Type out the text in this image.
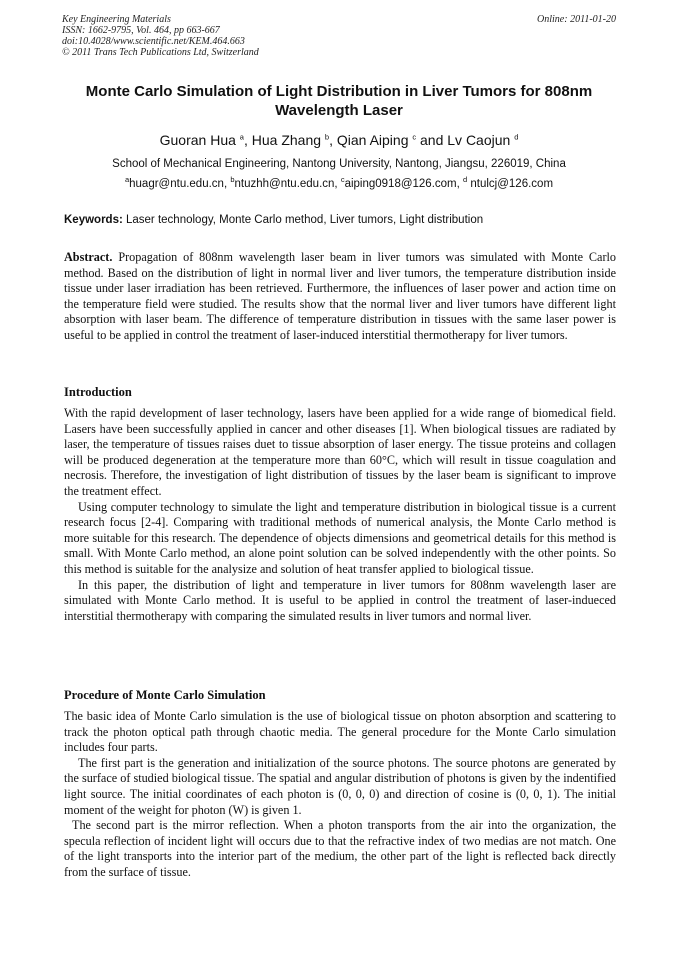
Key Engineering Materials
ISSN: 1662-9795, Vol. 464, pp 663-667
doi:10.4028/www.scientific.net/KEM.464.663
© 2011 Trans Tech Publications Ltd, Switzerland
Online: 2011-01-20
Monte Carlo Simulation of Light Distribution in Liver Tumors for 808nm Wavelength Laser
Guoran Hua $^a$, Hua Zhang $^b$, Qian Aiping $^c$ and Lv Caojun $^d$
School of Mechanical Engineering, Nantong University, Nantong, Jiangsu, 226019, China
$^a$huagr@ntu.edu.cn, $^b$ntuzhh@ntu.edu.cn, $^c$aiping0918@126.com, $^d$ ntulcj@126.com
Keywords: Laser technology, Monte Carlo method, Liver tumors, Light distribution

Abstract. Propagation of 808nm wavelength laser beam in liver tumors was simulated with Monte Carlo method. Based on the distribution of light in normal liver and liver tumors, the temperature distribution inside tissue under laser irradiation has been retrieved. Furthermore, the influences of laser power and action time on the temperature field were studied. The results show that the normal liver and liver tumors have different light absorption with laser beam. The difference of temperature distribution in tissues with the same laser power is useful to be applied in control the treatment of laser-induced interstitial thermotherapy for liver tumors.

Introduction

With the rapid development of laser technology, lasers have been applied for a wide range of biomedical field. Lasers have been successfully applied in cancer and other diseases [1]. When biological tissues are radiated by laser, the temperature of tissues raises duet to tissue absorption of laser energy. The tissue proteins and collagen will be produced degeneration at the temperature more than 60°C, which will result in tissue coagulation and necrosis. Therefore, the investigation of light distribution of tissues by the laser beam is significant to improve the treatment effect.

Using computer technology to simulate the light and temperature distribution in biological tissue is a current research focus [2-4]. Comparing with traditional methods of numerical analysis, the Monte Carlo method is more suitable for this research. The dependence of objects dimensions and geometrical details for this method is small. With Monte Carlo method, an alone point solution can be solved independently with the other points. So this method is suitable for the analysize and solution of heat transfer applied to biological tissue.

In this paper, the distribution of light and temperature in liver tumors for 808nm wavelength laser are simulated with Monte Carlo method. It is useful to be applied in control the treatment of laser-indueced interstitial thermotherapy with comparing the simulated results in liver tumors and normal liver.

Procedure of Monte Carlo Simulation

The basic idea of Monte Carlo simulation is the use of biological tissue on photon absorption and scattering to track the photon optical path through chaotic media. The general procedure for the Monte Carlo simulation includes four parts.

The first part is the generation and initialization of the source photons. The source photons are generated by the surface of studied biological tissue. The spatial and angular distribution of photons is given by the indentified light source. The initial coordinates of each photon is (0, 0, 0) and direction of cosine is (0, 0, 1). The initial moment of the weight for photon (W) is given 1.

The second part is the mirror reflection. When a photon transports from the air into the organization, the specula reflection of incident light will occurs due to that the refractive index of two medias are not match. One of the light transports into the interior part of the medium, the other part of the light is reflected back directly from the surface of tissue.
